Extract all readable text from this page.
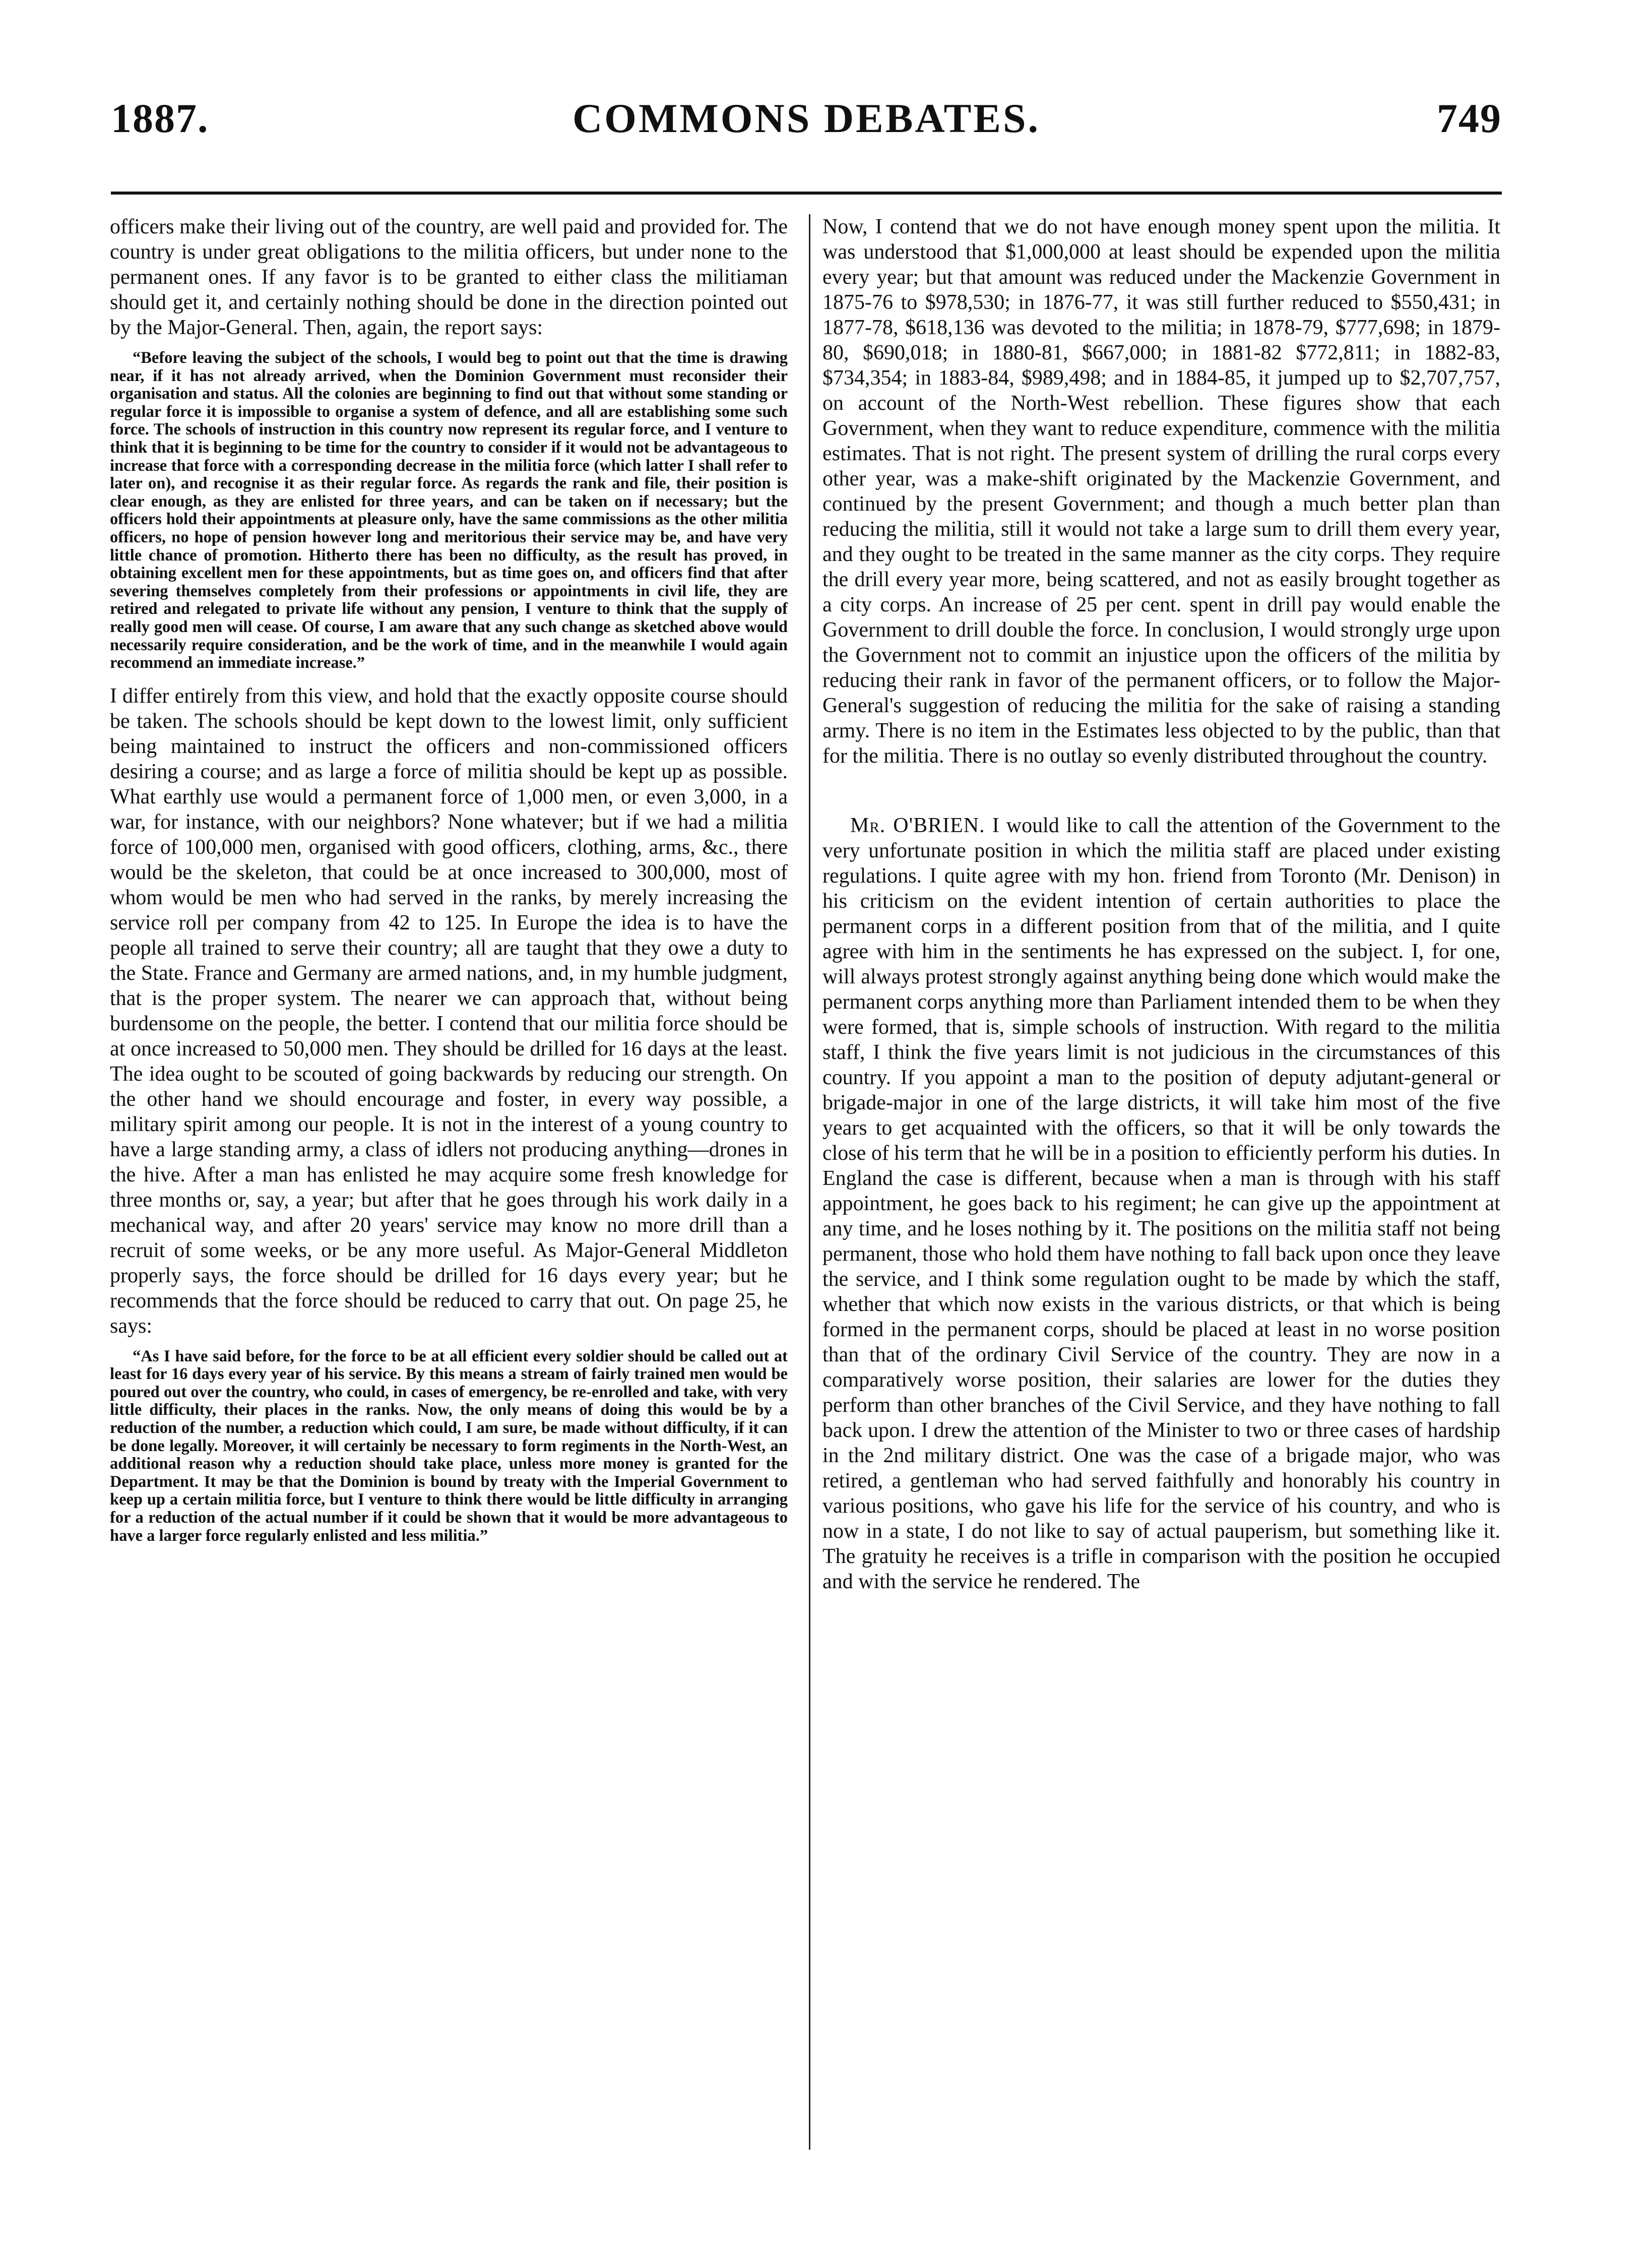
1887.	COMMONS DEBATES.	749

officers make their living out of the country, are well paid and provided for. The country is under great obligations to the militia officers, but under none to the permanent ones. If any favor is to be granted to either class the militiaman should get it, and certainly nothing should be done in the direction pointed out by the Major-General. Then, again, the report says:

“Before leaving the subject of the schools, I would beg to point out that the time is drawing near, if it has not already arrived, when the Dominion Government must reconsider their organisation and status. All the colonies are beginning to find out that without some standing or regular force it is impossible to organise a system of defence, and all are establishing some such force. The schools of instruction in this country now represent its regular force, and I venture to think that it is beginning to be time for the country to consider if it would not be advantageous to increase that force with a corresponding decrease in the militia force (which latter I shall refer to later on), and recognise it as their regular force. As regards the rank and file, their position is clear enough, as they are enlisted for three years, and can be taken on if necessary; but the officers hold their appointments at pleasure only, have the same commissions as the other militia officers, no hope of pension however long and meritorious their service may be, and have very little chance of promotion. Hitherto there has been no difficulty, as the result has proved, in obtaining excellent men for these appointments, but as time goes on, and officers find that after severing themselves completely from their professions or appointments in civil life, they are retired and relegated to private life without any pension, I venture to think that the supply of really good men will cease. Of course, I am aware that any such change as sketched above would necessarily require consideration, and be the work of time, and in the meanwhile I would again recommend an immediate increase.”

I differ entirely from this view, and hold that the exactly opposite course should be taken. The schools should be kept down to the lowest limit, only sufficient being maintained to instruct the officers and non-commissioned officers desiring a course; and as large a force of militia should be kept up as possible. What earthly use would a permanent force of 1,000 men, or even 3,000, in a war, for instance, with our neighbors? None whatever; but if we had a militia force of 100,000 men, organised with good officers, clothing, arms, &c., there would be the skeleton, that could be at once increased to 300,000, most of whom would be men who had served in the ranks, by merely increasing the service roll per company from 42 to 125. In Europe the idea is to have the people all trained to serve their country; all are taught that they owe a duty to the State. France and Germany are armed nations, and, in my humble judgment, that is the proper system. The nearer we can approach that, without being burdensome on the people, the better. I contend that our militia force should be at once increased to 50,000 men. They should be drilled for 16 days at the least. The idea ought to be scouted of going backwards by reducing our strength. On the other hand we should encourage and foster, in every way possible, a military spirit among our people. It is not in the interest of a young country to have a large standing army, a class of idlers not producing anything—drones in the hive. After a man has enlisted he may acquire some fresh knowledge for three months or, say, a year; but after that he goes through his work daily in a mechanical way, and after 20 years' service may know no more drill than a recruit of some weeks, or be any more useful. As Major-General Middleton properly says, the force should be drilled for 16 days every year; but he recommends that the force should be reduced to carry that out. On page 25, he says:

“As I have said before, for the force to be at all efficient every soldier should be called out at least for 16 days every year of his service. By this means a stream of fairly trained men would be poured out over the country, who could, in cases of emergency, be re-enrolled and take, with very little difficulty, their places in the ranks. Now, the only means of doing this would be by a reduction of the number, a reduction which could, I am sure, be made without difficulty, if it can be done legally. Moreover, it will certainly be necessary to form regiments in the North-West, an additional reason why a reduction should take place, unless more money is granted for the Department. It may be that the Dominion is bound by treaty with the Imperial Government to keep up a certain militia force, but I venture to think there would be little difficulty in arranging for a reduction of the actual number if it could be shown that it would be more advantageous to have a larger force regularly enlisted and less militia.”

Now, I contend that we do not have enough money spent upon the militia. It was understood that $1,000,000 at least should be expended upon the militia every year; but that amount was reduced under the Mackenzie Government in 1875-76 to $978,530; in 1876-77, it was still further reduced to $550,431; in 1877-78, $618,136 was devoted to the militia; in 1878-79, $777,698; in 1879-80, $690,018; in 1880-81, $667,000; in 1881-82 $772,811; in 1882-83, $734,354; in 1883-84, $989,498; and in 1884-85, it jumped up to $2,707,757, on account of the North-West rebellion. These figures show that each Government, when they want to reduce expenditure, commence with the militia estimates. That is not right. The present system of drilling the rural corps every other year, was a make-shift originated by the Mackenzie Government, and continued by the present Government; and though a much better plan than reducing the militia, still it would not take a large sum to drill them every year, and they ought to be treated in the same manner as the city corps. They require the drill every year more, being scattered, and not as easily brought together as a city corps. An increase of 25 per cent. spent in drill pay would enable the Government to drill double the force. In conclusion, I would strongly urge upon the Government not to commit an injustice upon the officers of the militia by reducing their rank in favor of the permanent officers, or to follow the Major-General's suggestion of reducing the militia for the sake of raising a standing army. There is no item in the Estimates less objected to by the public, than that for the militia. There is no outlay so evenly distributed throughout the country.

Mr. O'BRIEN. I would like to call the attention of the Government to the very unfortunate position in which the militia staff are placed under existing regulations. I quite agree with my hon. friend from Toronto (Mr. Denison) in his criticism on the evident intention of certain authorities to place the permanent corps in a different position from that of the militia, and I quite agree with him in the sentiments he has expressed on the subject. I, for one, will always protest strongly against anything being done which would make the permanent corps anything more than Parliament intended them to be when they were formed, that is, simple schools of instruction. With regard to the militia staff, I think the five years limit is not judicious in the circumstances of this country. If you appoint a man to the position of deputy adjutant-general or brigade-major in one of the large districts, it will take him most of the five years to get acquainted with the officers, so that it will be only towards the close of his term that he will be in a position to efficiently perform his duties. In England the case is different, because when a man is through with his staff appointment, he goes back to his regiment; he can give up the appointment at any time, and he loses nothing by it. The positions on the militia staff not being permanent, those who hold them have nothing to fall back upon once they leave the service, and I think some regulation ought to be made by which the staff, whether that which now exists in the various districts, or that which is being formed in the permanent corps, should be placed at least in no worse position than that of the ordinary Civil Service of the country. They are now in a comparatively worse position, their salaries are lower for the duties they perform than other branches of the Civil Service, and they have nothing to fall back upon. I drew the attention of the Minister to two or three cases of hardship in the 2nd military district. One was the case of a brigade major, who was retired, a gentleman who had served faithfully and honorably his country in various positions, who gave his life for the service of his country, and who is now in a state, I do not like to say of actual pauperism, but something like it. The gratuity he receives is a trifle in comparison with the position he occupied and with the service he rendered. The
